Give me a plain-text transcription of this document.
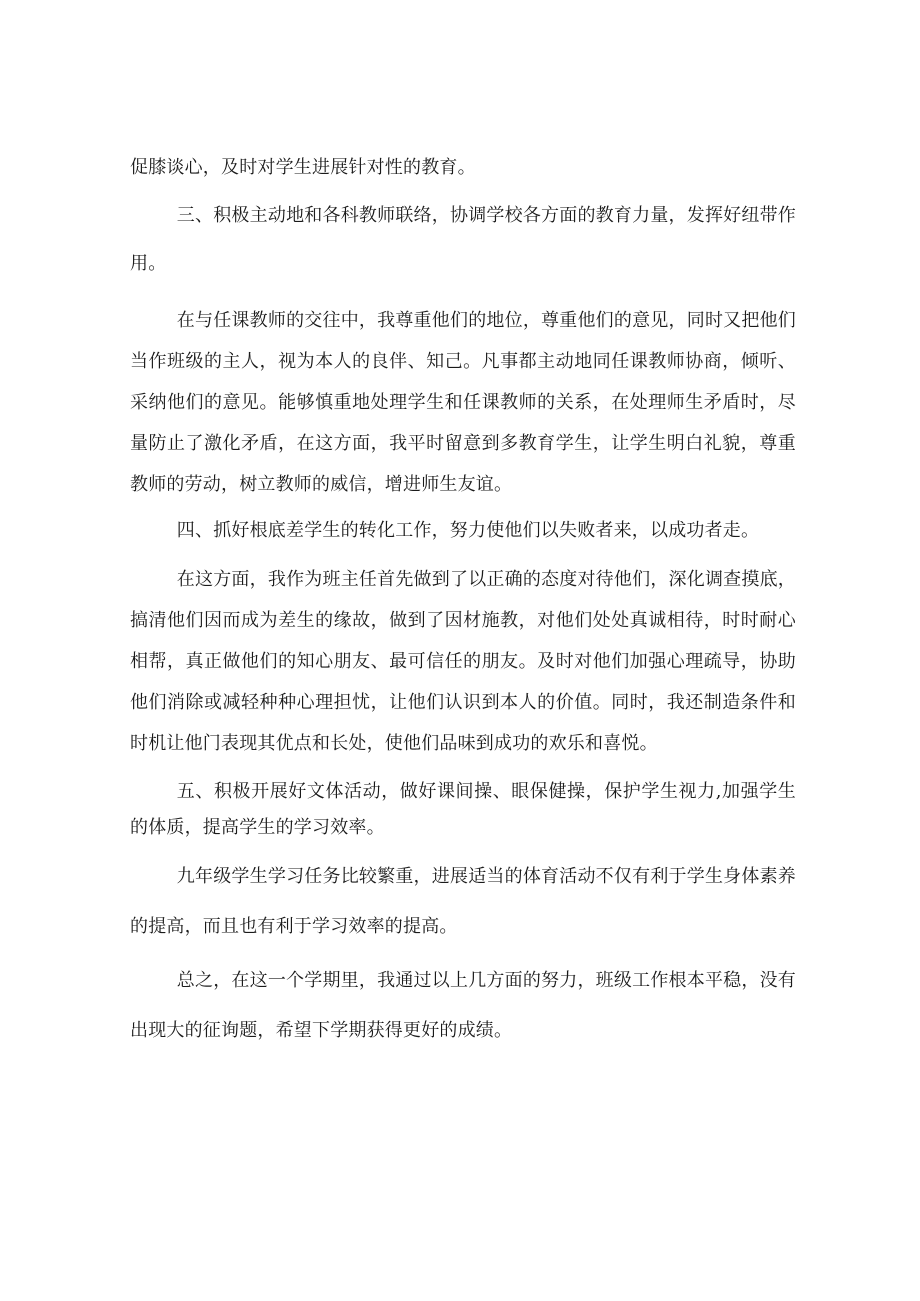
促膝谈心，及时对学生进展针对性的教育。

三、积极主动地和各科教师联络，协调学校各方面的教育力量，发挥好纽带作用。

在与任课教师的交往中，我尊重他们的地位，尊重他们的意见，同时又把他们当作班级的主人，视为本人的良伴、知己。凡事都主动地同任课教师协商，倾听、采纳他们的意见。能够慎重地处理学生和任课教师的关系，在处理师生矛盾时，尽量防止了激化矛盾，在这方面，我平时留意到多教育学生，让学生明白礼貌，尊重教师的劳动，树立教师的威信，增进师生友谊。

四、抓好根底差学生的转化工作，努力使他们以失败者来，以成功者走。

在这方面，我作为班主任首先做到了以正确的态度对待他们，深化调查摸底，搞清他们因而成为差生的缘故，做到了因材施教，对他们处处真诚相待，时时耐心相帮，真正做他们的知心朋友、最可信任的朋友。及时对他们加强心理疏导，协助他们消除或减轻种种心理担忧，让他们认识到本人的价值。同时，我还制造条件和时机让他门表现其优点和长处，使他们品味到成功的欢乐和喜悦。

五、积极开展好文体活动，做好课间操、眼保健操，保护学生视力,加强学生的体质，提高学生的学习效率。

九年级学生学习任务比较繁重，进展适当的体育活动不仅有利于学生身体素养的提高，而且也有利于学习效率的提高。

总之，在这一个学期里，我通过以上几方面的努力，班级工作根本平稳，没有出现大的征询题，希望下学期获得更好的成绩。
